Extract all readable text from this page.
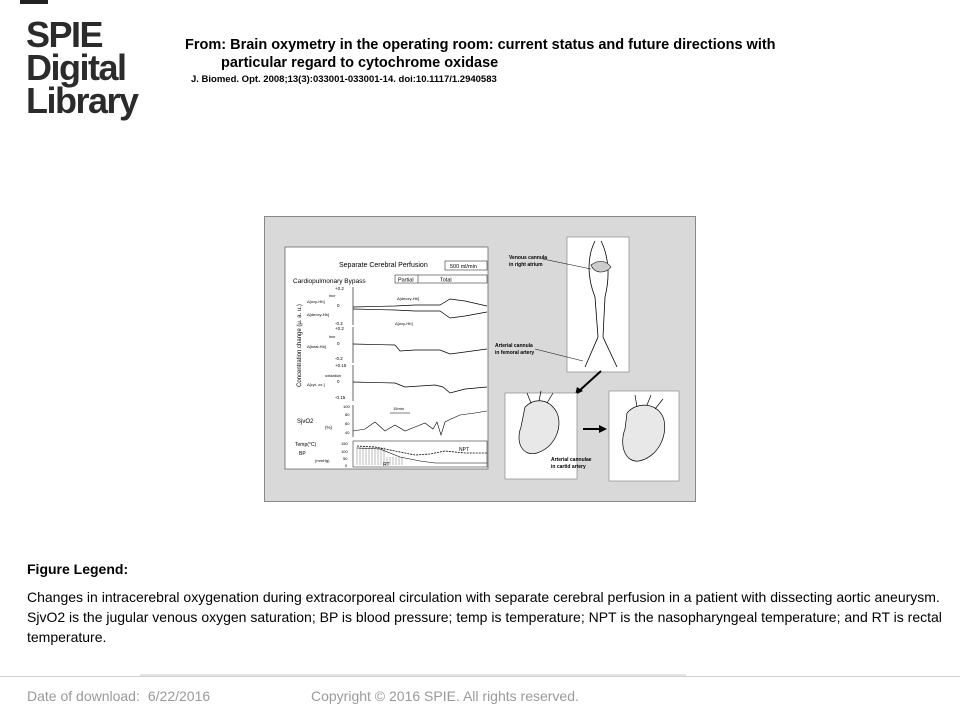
SPIE
Digital
Library
From: Brain oxymetry in the operating room: current status and future directions with
particular regard to cytochrome oxidase
J. Biomed. Opt. 2008;13(3):033001-033001-14. doi:10.1117/1.2940583
Separate Cerebral Perfusion	500 ml/min
Cardiopulmonary Bypass	Partial	Total
Concentration change (μ. a. u.)
+0.2
0
-0.2
incr
Δ[oxy-Hb]
Δ[deoxy-Hb]
Δ[deoxy-Hb]
Δ[oxy-Hb]
+0.2
0
-0.2
incr
Δ[total-Hb]
+0.15
0
-0.15
oxidation
Δ[cyt. ox.]
SjvO2
(%)
100
80
60
40
15min
Temp(°C)
BP
(mmHg)
150
100
50
0
NPT
RT
Venous cannula
in right atrium
Arterial cannula
in femoral artery
Arterial cannulae
in cartid artery
Figure Legend:
Changes in intracerebral oxygenation during extracorporeal circulation with separate cerebral perfusion in a patient with dissecting aortic aneurysm. SjvO2 is the jugular venous oxygen saturation; BP is blood pressure; temp is temperature; NPT is the nasopharyngeal temperature; and RT is rectal temperature.
Date of download: 6/22/2016	Copyright © 2016 SPIE. All rights reserved.
